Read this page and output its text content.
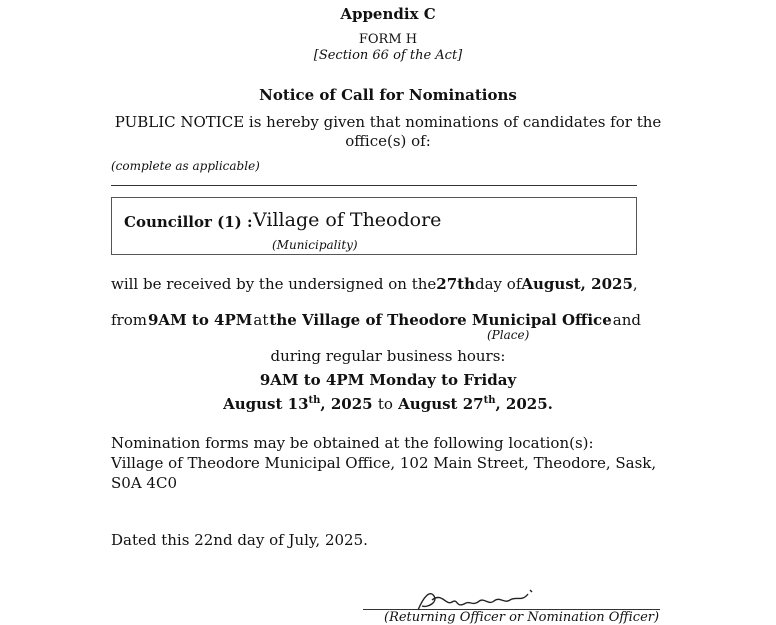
Appendix C
FORM H
[Section 66 of the Act]
Notice of Call for Nominations
PUBLIC NOTICE is hereby given that nominations of candidates for the
office(s) of:
(complete as applicable)
Councillor (1) : Village of Theodore
(Municipality)
will be received by the undersigned on the 27th day of August, 2025,
from 9AM to 4PM at the Village of Theodore Municipal Office and
(Place)
during regular business hours:
9AM to 4PM Monday to Friday
August 13th, 2025 to August 27th, 2025.
Nomination forms may be obtained at the following location(s):
Village of Theodore Municipal Office, 102 Main Street, Theodore, Sask,
S0A 4C0
Dated this 22nd day of July, 2025.
(Returning Officer or Nomination Officer)
